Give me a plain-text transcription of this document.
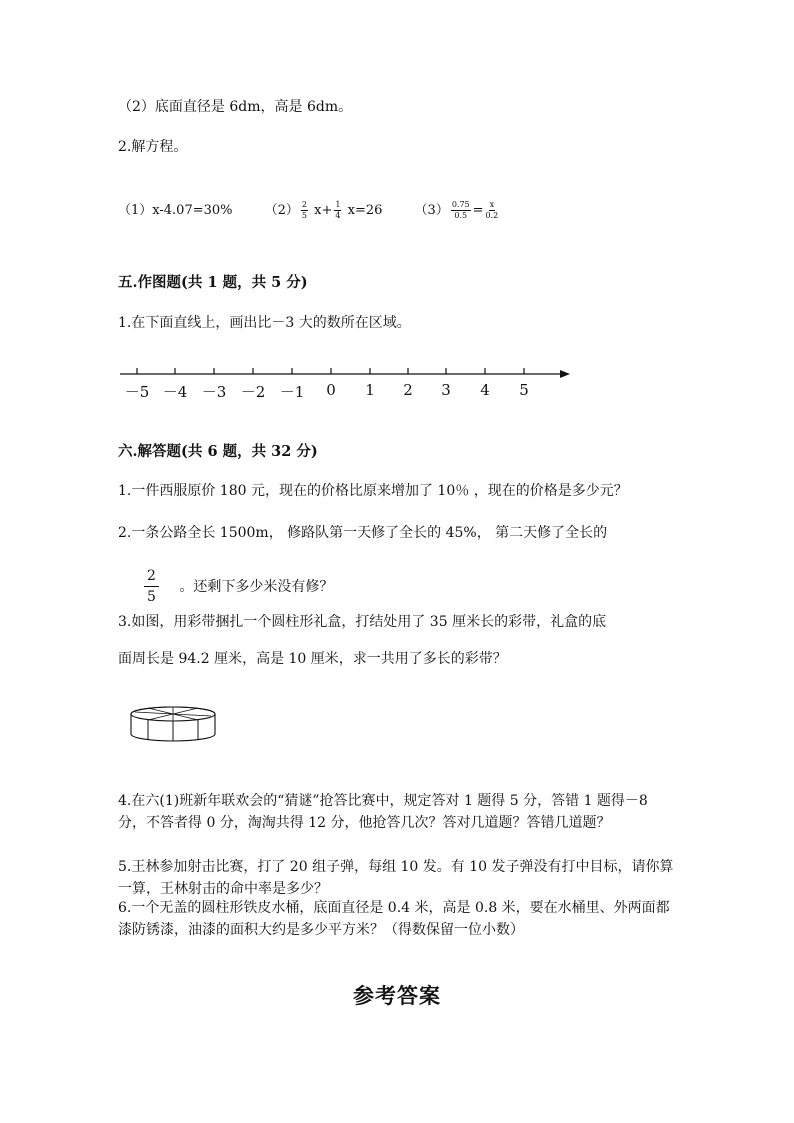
（2）底面直径是 6dm，高是 6dm。
2.解方程。
（1）x-4.07=30% $(2) \frac{2}{5} x+ \frac{1}{4} x=26$ $(3) \frac{0.75}{0.5} = \frac{x}{0.2}$
五.作图题(共 1 题，共 5 分)
1.在下面直线上，画出比－3 大的数所在区域。
－5 －4 －3 －2 －1 0 1 2 3 4 5
六.解答题(共 6 题，共 32 分)
1.一件西服原价 180 元，现在的价格比原来增加了 10％ ，现在的价格是多少元？
2.一条公路全长 1500m， 修路队第一天修了全长的 45%， 第二天修了全长的
$\frac{2}{5}$ 。还剩下多少米没有修？
3.如图，用彩带捆扎一个圆柱形礼盒，打结处用了 35 厘米长的彩带，礼盒的底
面周长是 94.2 厘米，高是 10 厘米，求一共用了多长的彩带？
4.在六(1)班新年联欢会的“猜谜”抢答比赛中，规定答对 1 题得 5 分，答错 1 题得－8 分，不答者得 0 分，淘淘共得 12 分，他抢答几次？答对几道题？答错几道题？
5.王林参加射击比赛，打了 20 组子弹，每组 10 发。有 10 发子弹没有打中目标，请你算一算，王林射击的命中率是多少？
6.一个无盖的圆柱形铁皮水桶，底面直径是 0.4 米，高是 0.8 米，要在水桶里、外两面都漆防锈漆，油漆的面积大约是多少平方米？（得数保留一位小数）
参考答案
